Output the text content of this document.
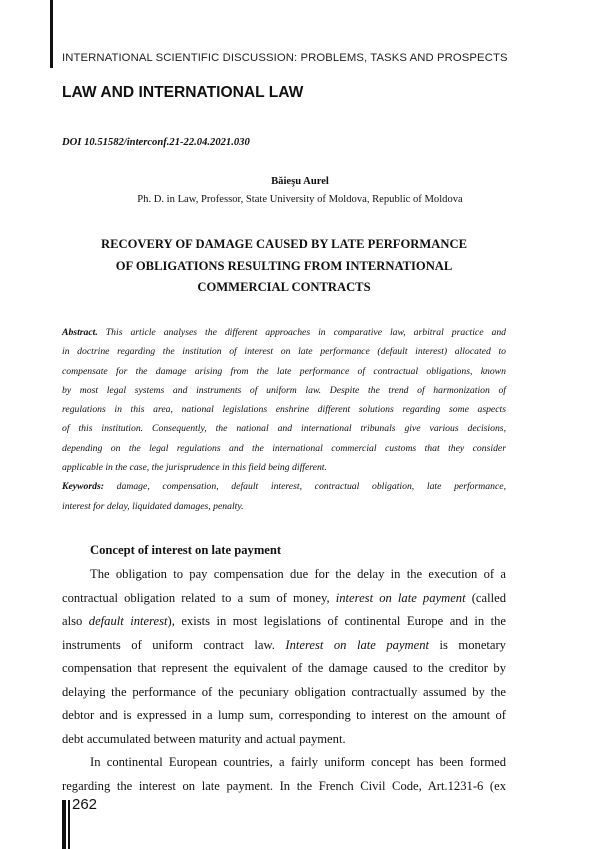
INTERNATIONAL SCIENTIFIC DISCUSSION: PROBLEMS, TASKS AND PROSPECTS
LAW AND INTERNATIONAL LAW
DOI 10.51582/interconf.21-22.04.2021.030
Băieşu Aurel
Ph. D. in Law, Professor, State University of Moldova, Republic of Moldova
RECOVERY OF DAMAGE CAUSED BY LATE PERFORMANCE
OF OBLIGATIONS RESULTING FROM INTERNATIONAL
COMMERCIAL CONTRACTS
Abstract. This article analyses the different approaches in comparative law, arbitral practice and
in doctrine regarding the institution of interest on late performance (default interest) allocated to
compensate for the damage arising from the late performance of contractual obligations, known
by most legal systems and instruments of uniform law. Despite the trend of harmonization of
regulations in this area, national legislations enshrine different solutions regarding some aspects
of this institution. Consequently, the national and international tribunals give various decisions,
depending on the legal regulations and the international commercial customs that they consider
applicable in the case, the jurisprudence in this field being different.
Keywords: damage, compensation, default interest, contractual obligation, late performance,
interest for delay, liquidated damages, penalty.
Concept of interest on late payment
The obligation to pay compensation due for the delay in the execution of a
contractual obligation related to a sum of money, interest on late payment (called
also default interest), exists in most legislations of continental Europe and in the
instruments of uniform contract law. Interest on late payment is monetary
compensation that represent the equivalent of the damage caused to the creditor by
delaying the performance of the pecuniary obligation contractually assumed by the
debtor and is expressed in a lump sum, corresponding to interest on the amount of
debt accumulated between maturity and actual payment.
In continental European countries, a fairly uniform concept has been formed
regarding the interest on late payment. In the French Civil Code, Art.1231-6 (ex
262
